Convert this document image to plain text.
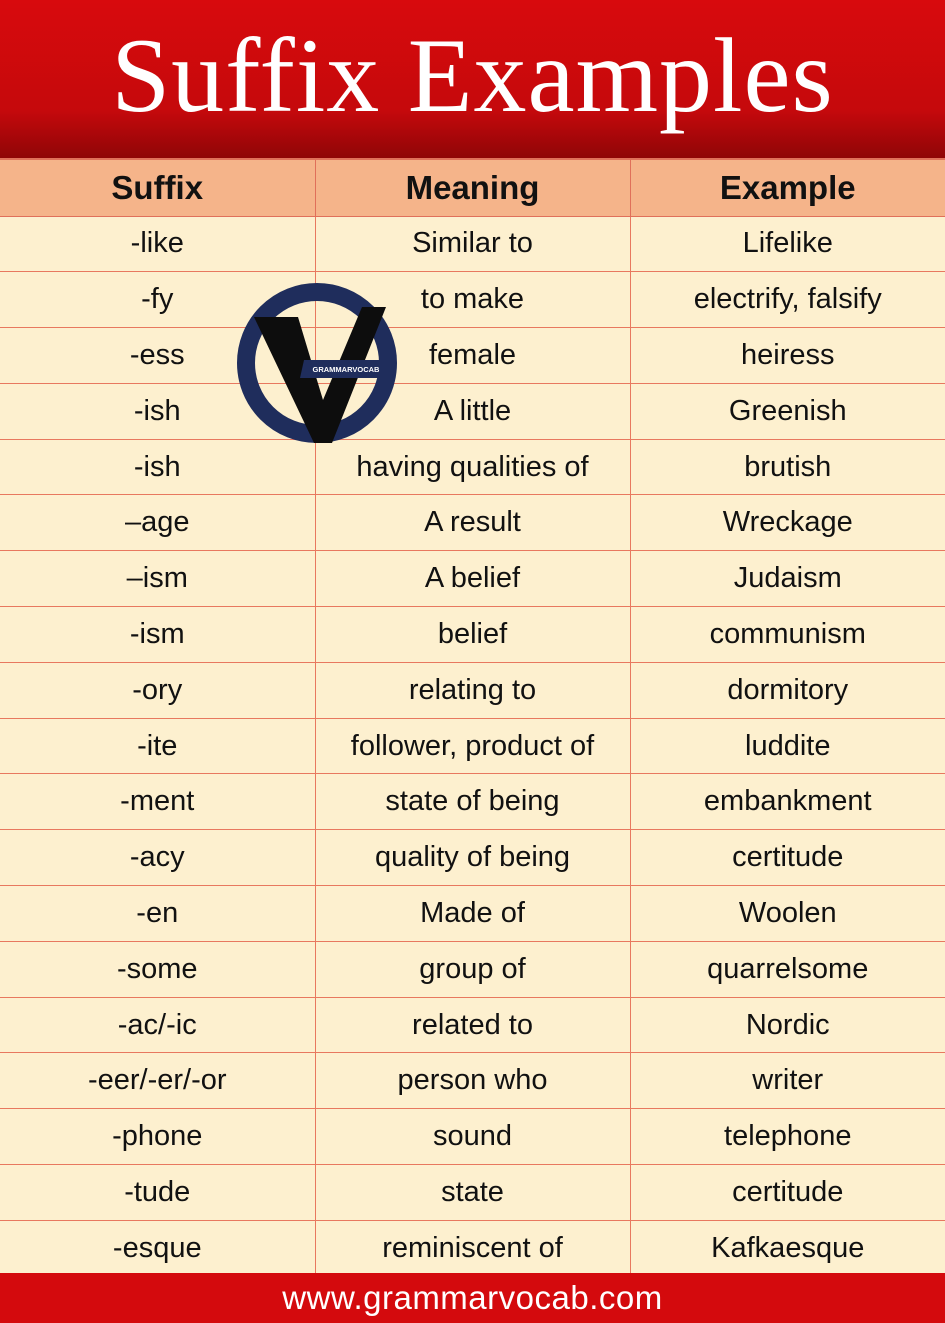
Suffix Examples
Suffix	Meaning	Example
-like	Similar to	Lifelike
-fy	to make	electrify, falsify
-ess	female	heiress
-ish	A little	Greenish
-ish	having qualities of	brutish
–age	A result	Wreckage
–ism	A belief	Judaism
-ism	belief	communism
-ory	relating to	dormitory
-ite	follower, product of	luddite
-ment	state of being	embankment
-acy	quality of being	certitude
-en	Made of	Woolen
-some	group of	quarrelsome
-ac/-ic	related to	Nordic
-eer/-er/-or	person who	writer
-phone	sound	telephone
-tude	state	certitude
-esque	reminiscent of	Kafkaesque
GRAMMARVOCAB
www.grammarvocab.com
